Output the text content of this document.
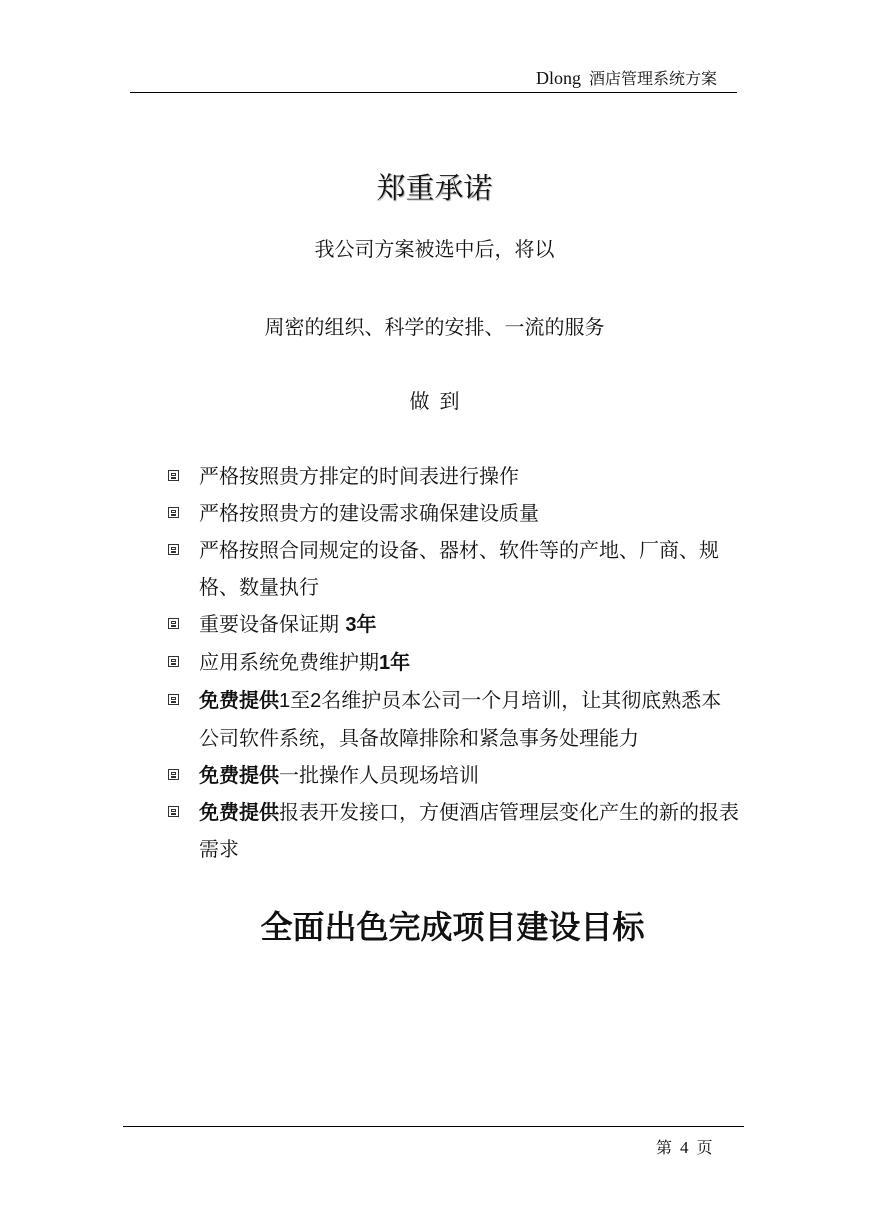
Dlong 酒店管理系统方案
郑重承诺
我公司方案被选中后，将以
周密的组织、科学的安排、一流的服务
做到
严格按照贵方排定的时间表进行操作
严格按照贵方的建设需求确保建设质量
严格按照合同规定的设备、器材、软件等的产地、厂商、规格、数量执行
重要设备保证期 3年
应用系统免费维护期1年
免费提供1至2名维护员本公司一个月培训，让其彻底熟悉本公司软件系统，具备故障排除和紧急事务处理能力
免费提供一批操作人员现场培训
免费提供报表开发接口，方便酒店管理层变化产生的新的报表需求
全面出色完成项目建设目标
第 4 页
